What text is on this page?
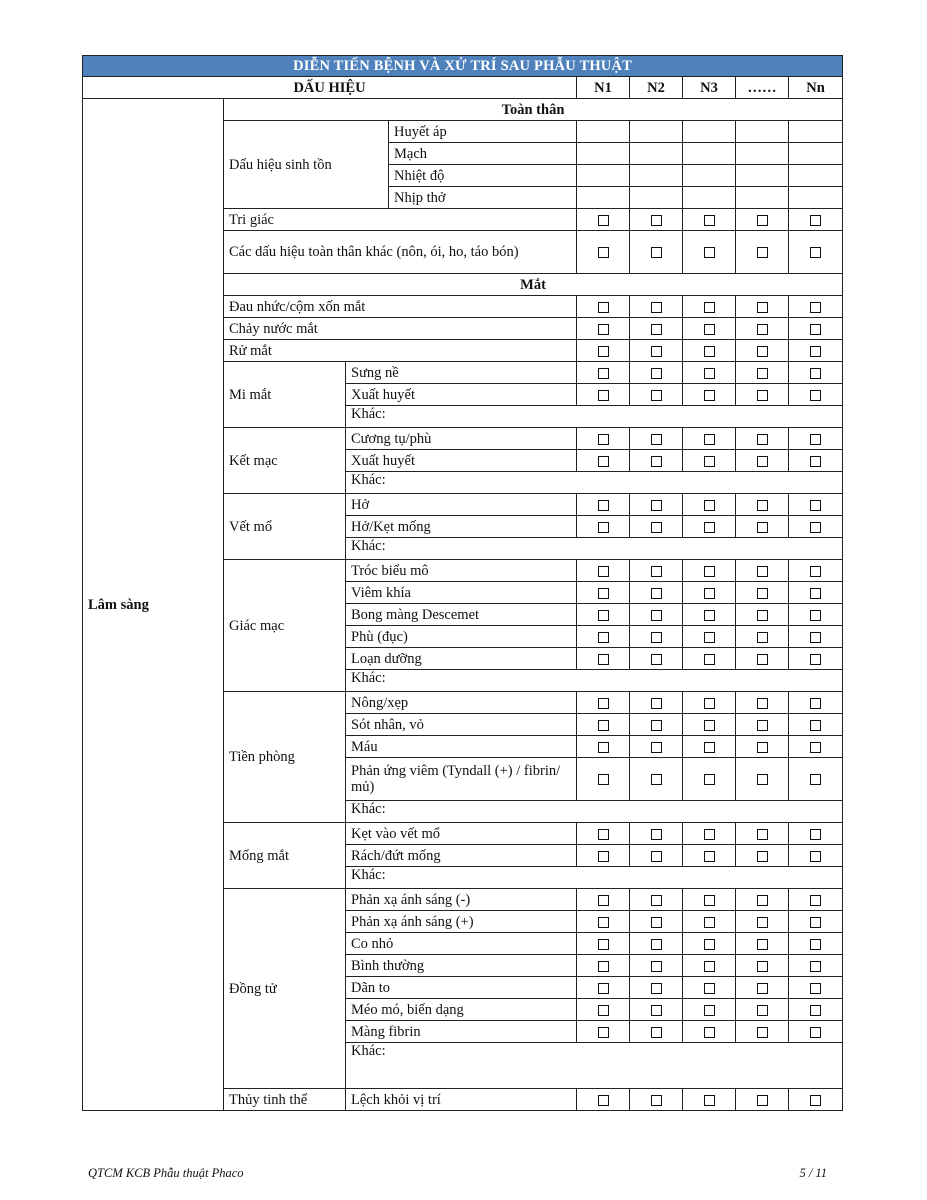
DIỄN TIẾN BỆNH VÀ XỬ TRÍ SAU PHẪU THUẬT								
DẤU HIỆU				N1	N2	N3	……	Nn
Lâm sàng	Toàn thân							
	Dấu hiệu sinh tồn		Huyết áp					
			Mạch					
			Nhiệt độ					
			Nhịp thở					
	Tri giác							
	Các dấu hiệu toàn thân khác (nôn, ói, ho, táo bón)							
	Mắt							
	Đau nhức/cộm xốn mắt							
	Chảy nước mắt							
	Rử mắt							
	Mi mắt	Sưng nề						
		Xuất huyết						
		Khác:						
	Kết mạc	Cương tụ/phù						
		Xuất huyết						
		Khác:						
	Vết mổ	Hở						
		Hở/Kẹt mống						
		Khác:						
	Giác mạc	Tróc biểu mô						
		Viêm khía						
		Bong màng Descemet						
		Phù (đục)						
		Loạn dưỡng						
		Khác:						
	Tiền phòng	Nông/xẹp						
		Sót nhân, vỏ						
		Máu						
		Phản ứng viêm (Tyndall (+) / fibrin/ mủ)						
		Khác:						
	Mống mắt	Kẹt vào vết mổ						
		Rách/đứt mống						
		Khác:						
	Đồng tử	Phản xạ ánh sáng (-)						
		Phản xạ ánh sáng (+)						
		Co nhỏ						
		Bình thường						
		Dãn to						
		Méo mó, biến dạng						
		Màng fibrin						
		Khác:						
	Thủy tinh thể	Lệch khỏi vị trí						
QTCM KCB Phẫu thuật Phaco	5 / 11
